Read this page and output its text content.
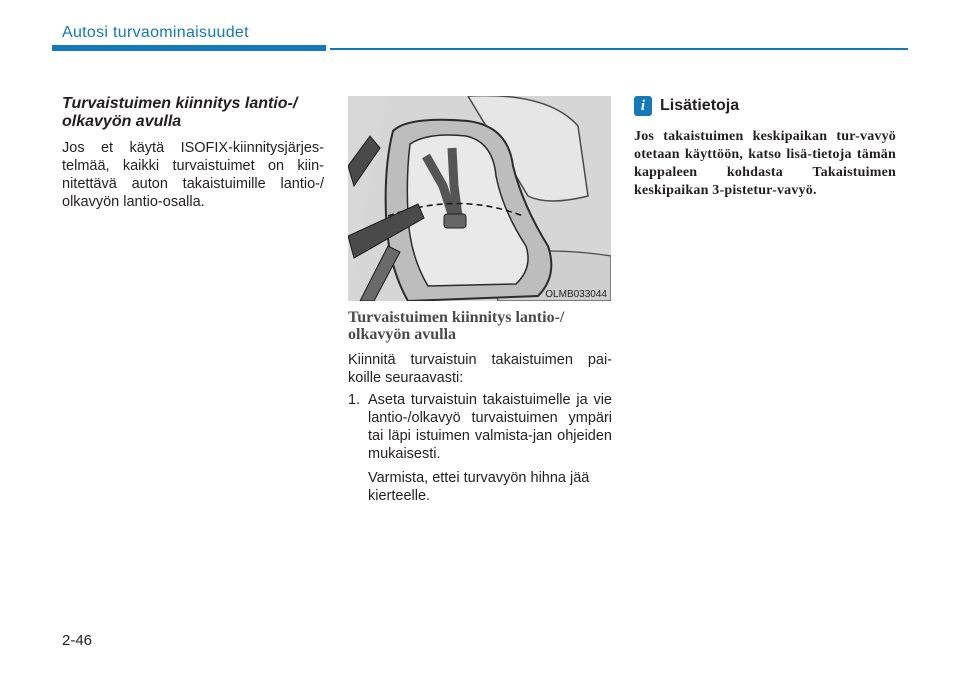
Autosi turvaominaisuudet

Turvaistuimen kiinnitys lantio-/ olkavyön avulla

Jos et käytä ISOFIX-kiinnitysjärjes-telmää, kaikki turvaistuimet on kiin-nitettävä auton takaistuimille lantio-/ olkavyön lantio-osalla.

OLMB033044

Turvaistuimen kiinnitys lantio-/ olkavyön avulla

Kiinnitä turvaistuin takaistuimen pai-koille seuraavasti:

1. Aseta turvaistuin takaistuimelle ja vie lantio-/olkavyö turvaistuimen ympäri tai läpi istuimen valmista-jan ohjeiden mukaisesti.

Varmista, ettei turvavyön hihna jää kierteelle.

i Lisätietoja
Jos takaistuimen keskipaikan tur-vavyö otetaan käyttöön, katso lisä-tietoja tämän kappaleen kohdasta Takaistuimen keskipaikan 3-pistetur-vavyö.
2-46
